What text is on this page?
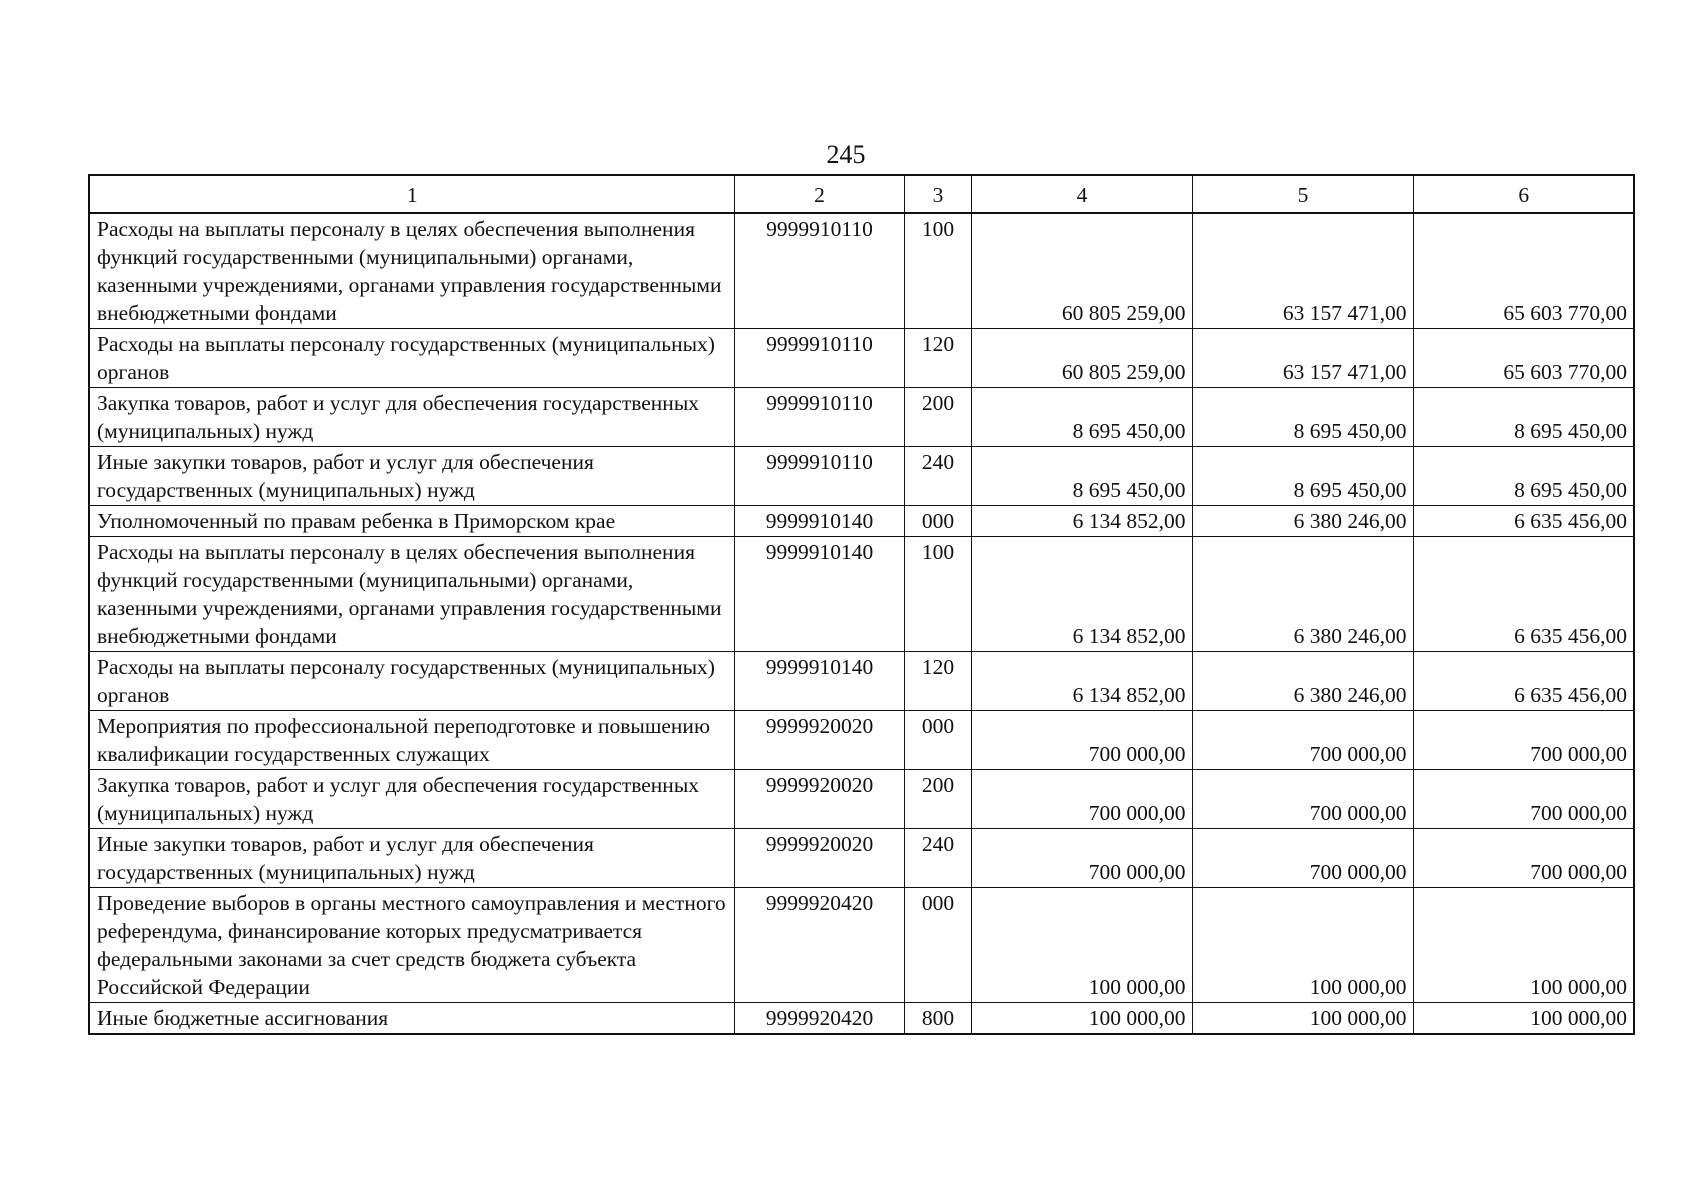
245
1	2	3	4	5	6
Расходы на выплаты персоналу в целях обеспечения выполнения функций государственными (муниципальными) органами, казенными учреждениями, органами управления государственными внебюджетными фондами	9999910110	100	60 805 259,00	63 157 471,00	65 603 770,00
Расходы на выплаты персоналу государственных (муниципальных) органов	9999910110	120	60 805 259,00	63 157 471,00	65 603 770,00
Закупка товаров, работ и услуг для обеспечения государственных (муниципальных) нужд	9999910110	200	8 695 450,00	8 695 450,00	8 695 450,00
Иные закупки товаров, работ и услуг для обеспечения государственных (муниципальных) нужд	9999910110	240	8 695 450,00	8 695 450,00	8 695 450,00
Уполномоченный по правам ребенка в Приморском крае	9999910140	000	6 134 852,00	6 380 246,00	6 635 456,00
Расходы на выплаты персоналу в целях обеспечения выполнения функций государственными (муниципальными) органами, казенными учреждениями, органами управления государственными внебюджетными фондами	9999910140	100	6 134 852,00	6 380 246,00	6 635 456,00
Расходы на выплаты персоналу государственных (муниципальных) органов	9999910140	120	6 134 852,00	6 380 246,00	6 635 456,00
Мероприятия по профессиональной переподготовке и повышению квалификации государственных служащих	9999920020	000	700 000,00	700 000,00	700 000,00
Закупка товаров, работ и услуг для обеспечения государственных (муниципальных) нужд	9999920020	200	700 000,00	700 000,00	700 000,00
Иные закупки товаров, работ и услуг для обеспечения государственных (муниципальных) нужд	9999920020	240	700 000,00	700 000,00	700 000,00
Проведение выборов в органы местного самоуправления и местного референдума, финансирование которых предусматривается федеральными законами за счет средств бюджета субъекта Российской Федерации	9999920420	000	100 000,00	100 000,00	100 000,00
Иные бюджетные ассигнования	9999920420	800	100 000,00	100 000,00	100 000,00
